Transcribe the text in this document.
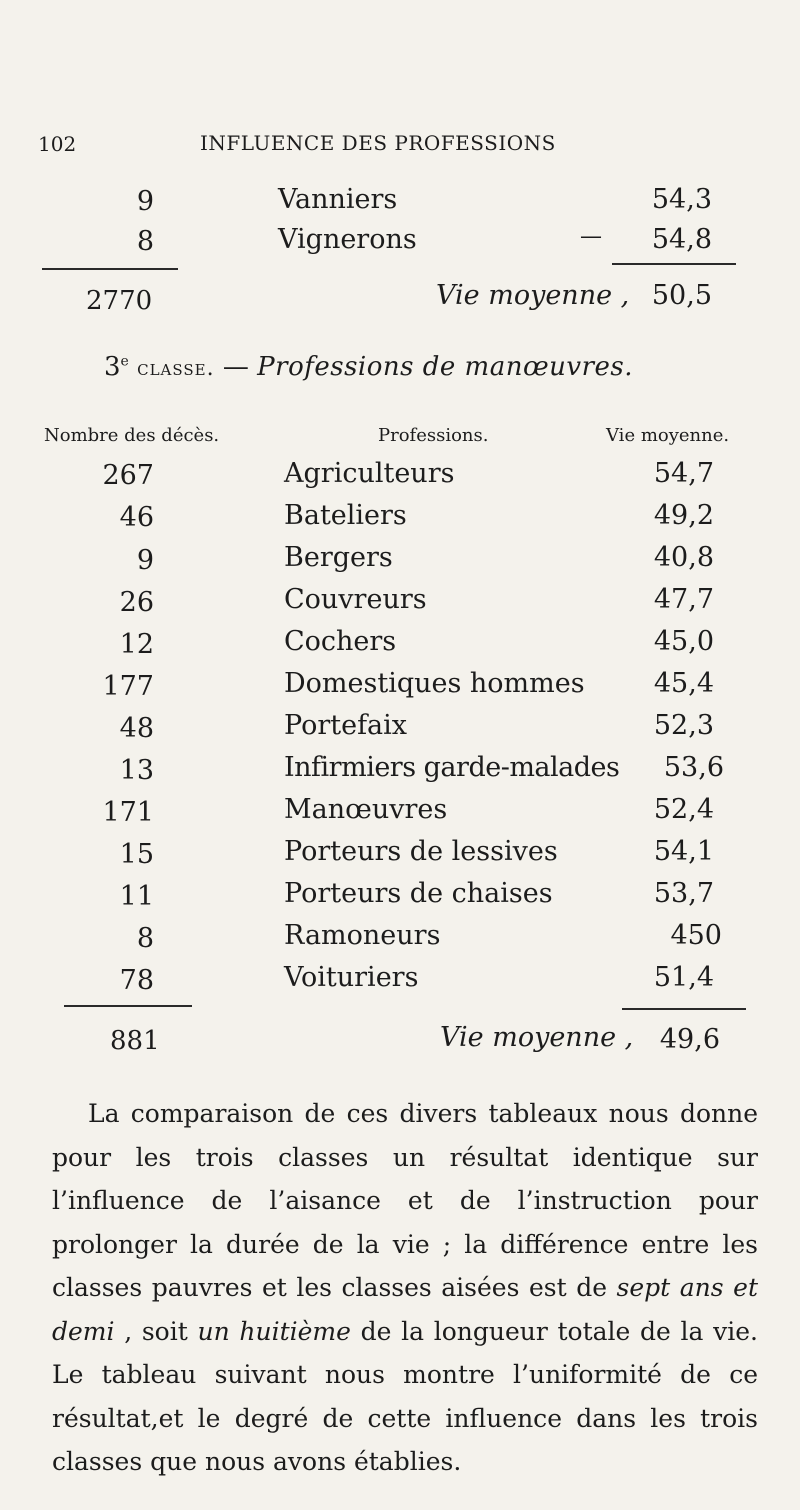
102	INFLUENCE DES PROFESSIONS
9	Vanniers	54,3
8	Vignerons	—	54,8
2770	Vie moyenne , 50,5
3e classe. — Professions de manœuvres.
Nombre des décès.	Professions.	Vie moyenne.
267	Agriculteurs	54,7
46	Bateliers	49,2
9	Bergers	40,8
26	Couvreurs	47,7
12	Cochers	45,0
177	Domestiques hommes	45,4
48	Portefaix	52,3
13	Infirmiers garde-malades	53,6
171	Manœuvres	52,4
15	Porteurs de lessives	54,1
11	Porteurs de chaises	53,7
8	Ramoneurs	450
78	Voituriers	51,4
881	Vie moyenne , 49,6
La comparaison de ces divers tableaux nous donne pour les trois classes un résultat identique sur l’influence de l’aisance et de l’instruction pour prolonger la durée de la vie ; la différence entre les classes pauvres et les classes aisées est de sept ans et demi , soit un huitième de la longueur totale de la vie. Le tableau suivant nous montre l’uniformité de ce résultat,et le degré de cette influence dans les trois classes que nous avons établies.
